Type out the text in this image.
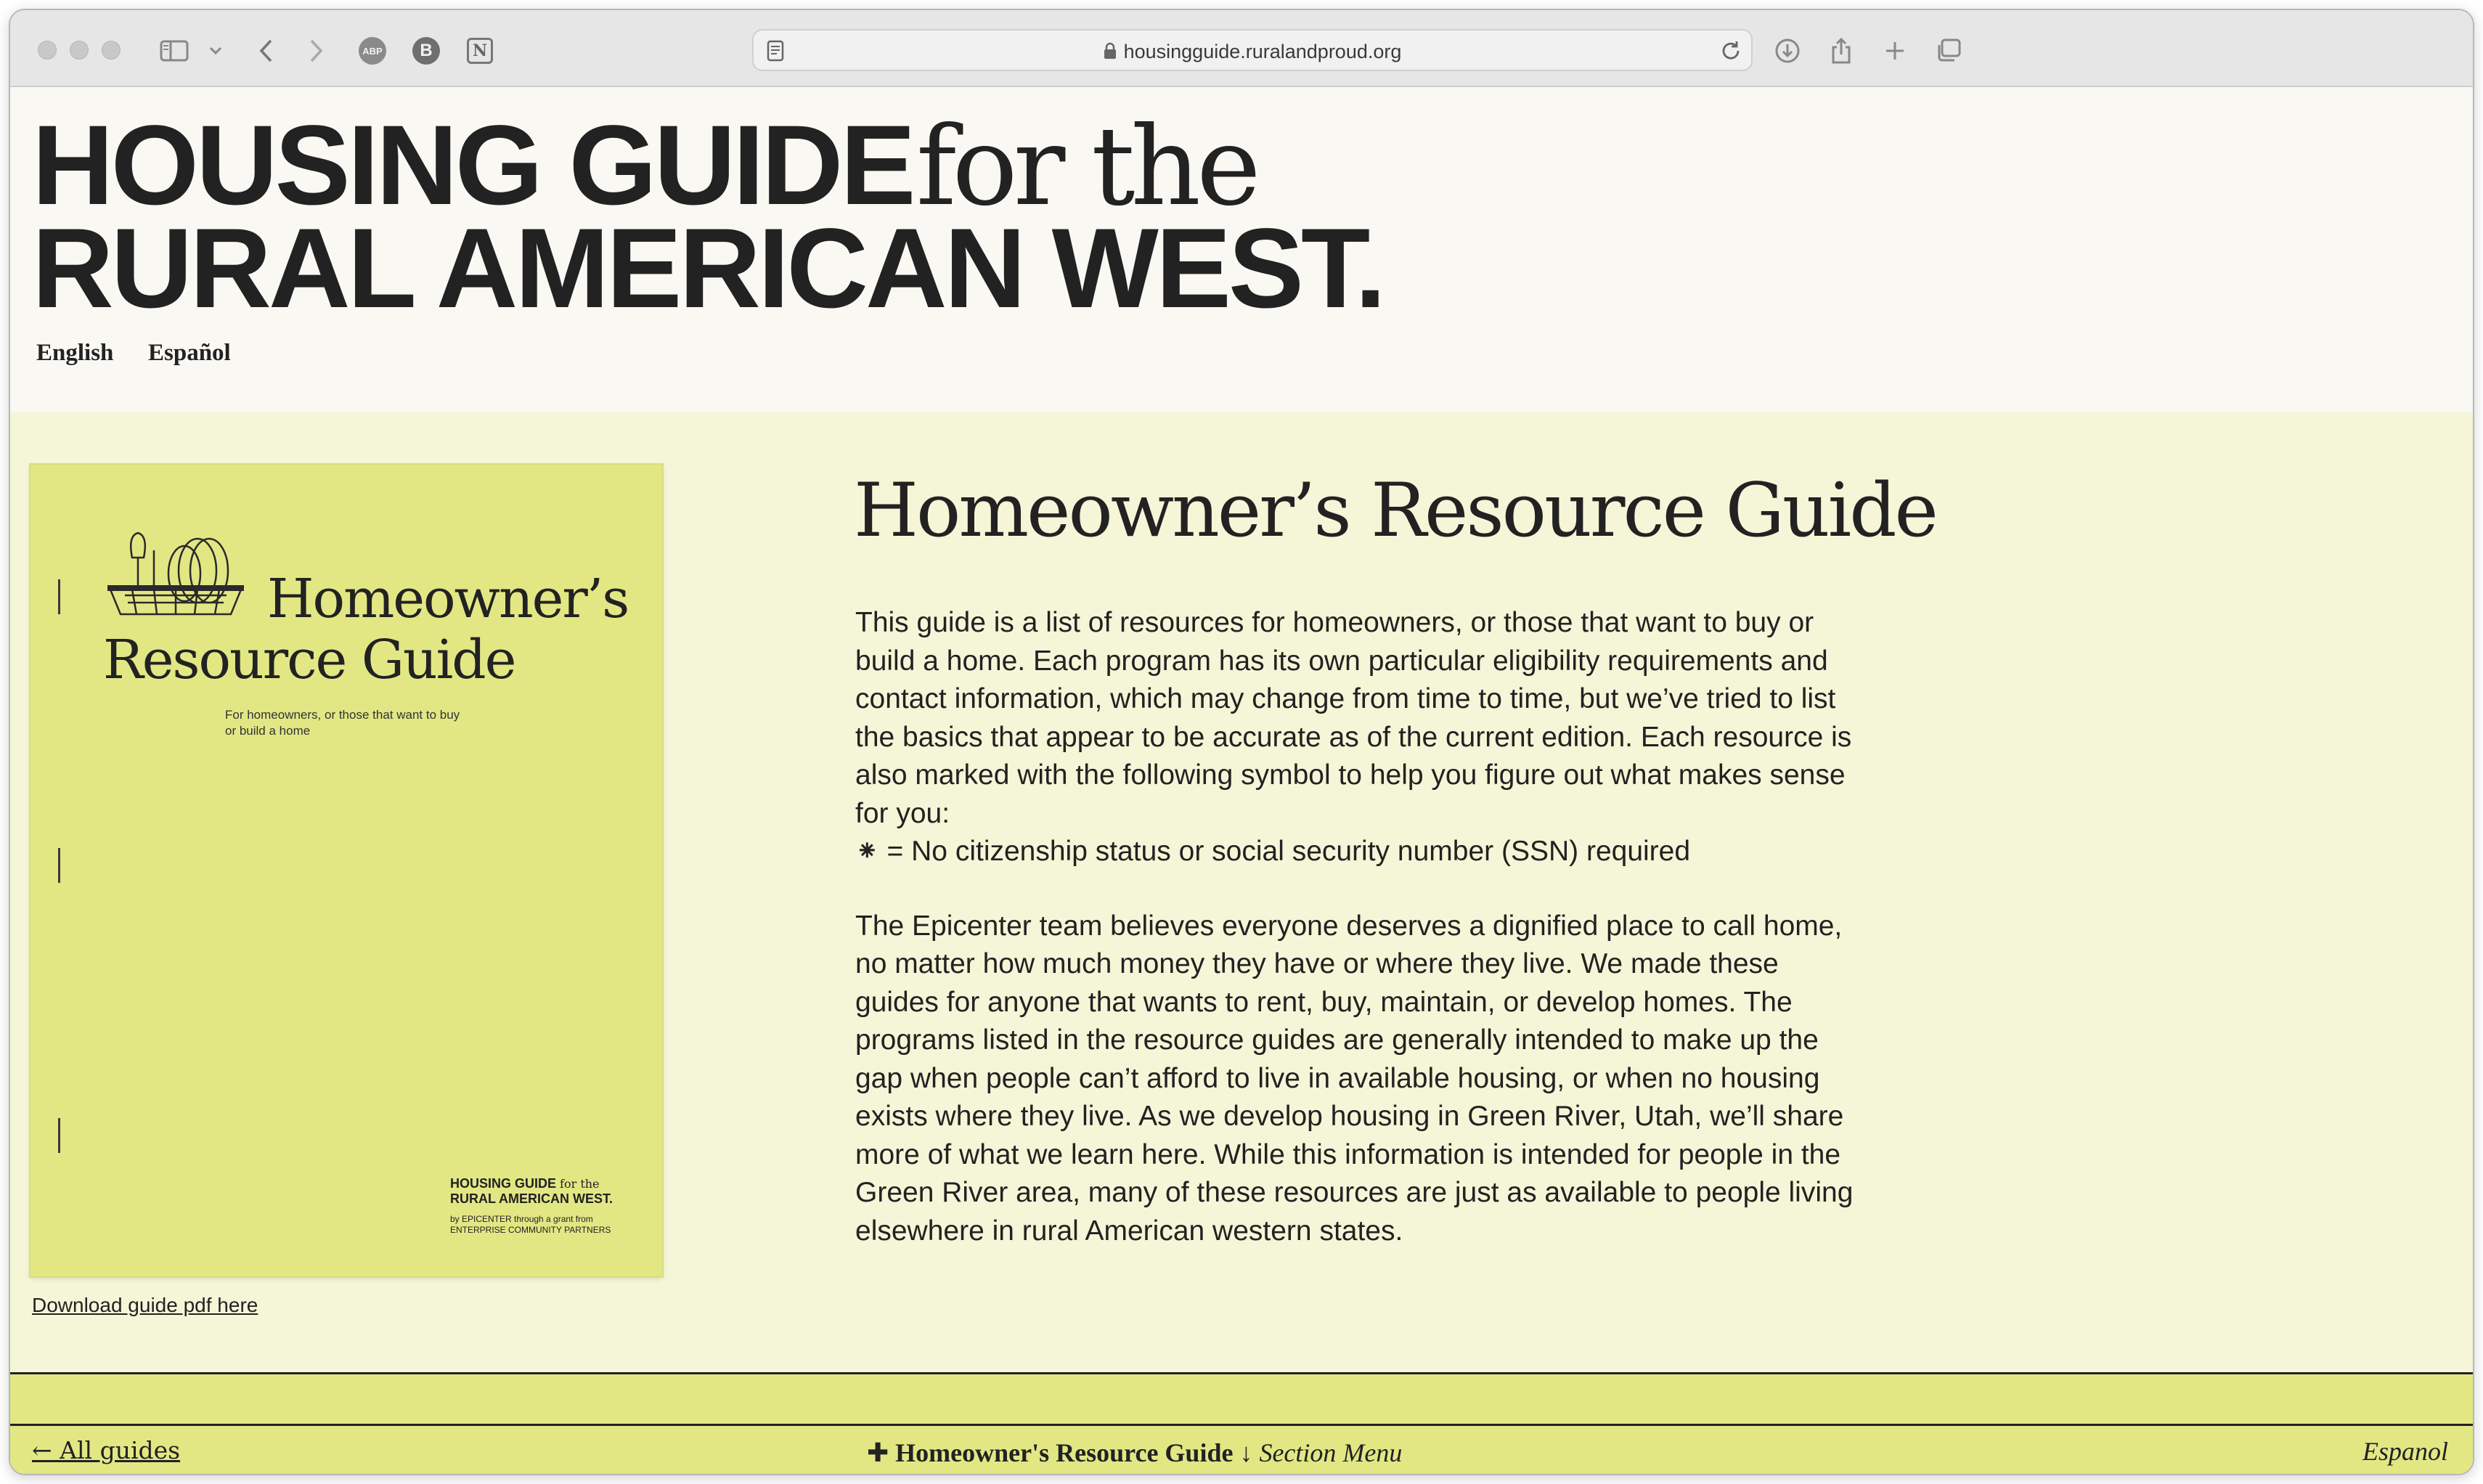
ABP	B	N	housingguide.ruralandproud.org
HOUSING GUIDE for the
RURAL AMERICAN WEST.
English Español
Homeowner’s
Resource Guide
For homeowners, or those that want to buy or build a home
HOUSING GUIDE for the
RURAL AMERICAN WEST.
by EPICENTER through a grant from ENTERPRISE COMMUNITY PARTNERS
Download guide pdf here
Homeowner’s Resource Guide

This guide is a list of resources for homeowners, or those that want to buy or build a home. Each program has its own particular eligibility requirements and contact information, which may change from time to time, but we’ve tried to list the basics that appear to be accurate as of the current edition. Each resource is also marked with the following symbol to help you figure out what makes sense for you:
⁕ = No citizenship status or social security number (SSN) required

The Epicenter team believes everyone deserves a dignified place to call home, no matter how much money they have or where they live. We made these guides for anyone that wants to rent, buy, maintain, or develop homes. The programs listed in the resource guides are generally intended to make up the gap when people can’t afford to live in available housing, or when no housing exists where they live. As we develop housing in Green River, Utah, we’ll share more of what we learn here. While this information is intended for people in the Green River area, many of these resources are just as available to people living elsewhere in rural American western states.

← All guides	✚ Homeowner's Resource Guide ↓ Section Menu	Espanol
